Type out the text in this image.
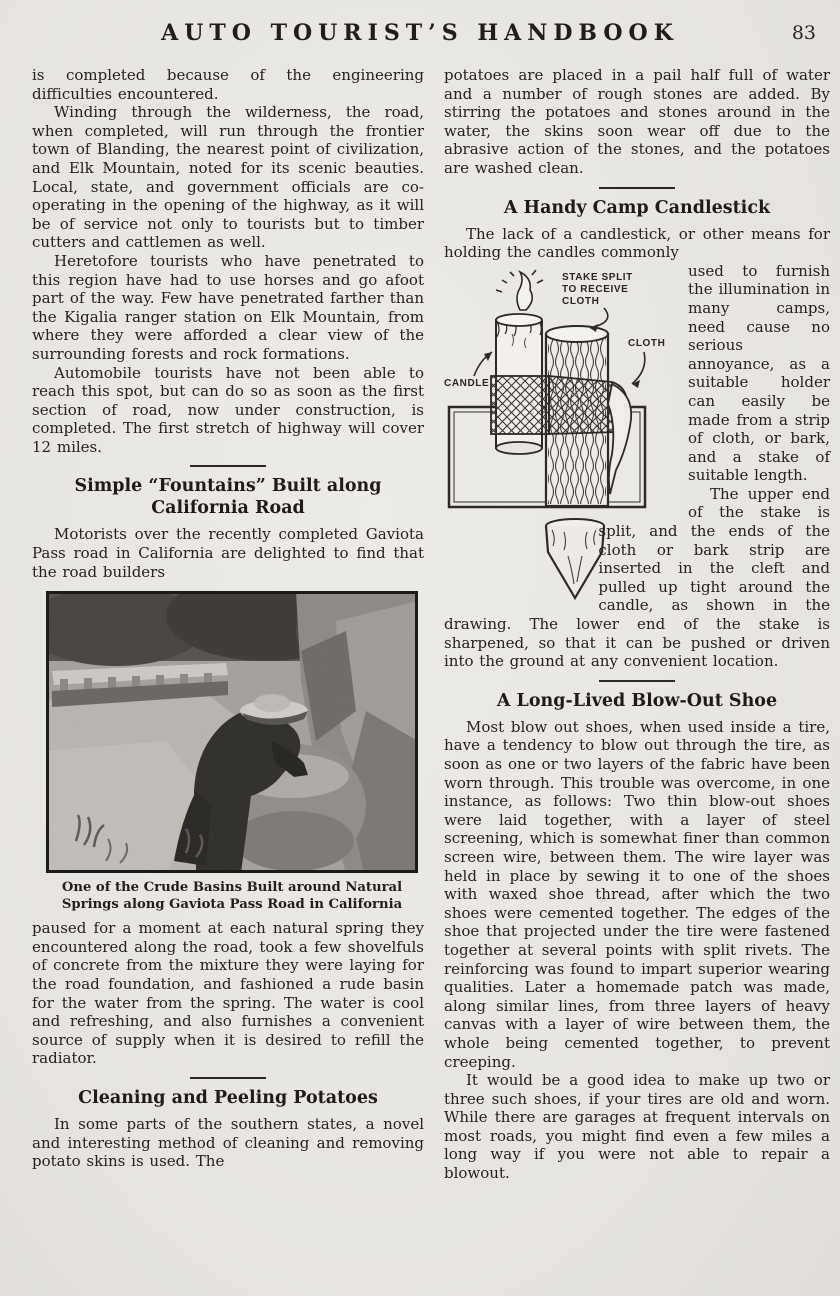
AUTO TOURIST’S HANDBOOK	83

is completed because of the engineering difficulties encountered.

Winding through the wilderness, the road, when completed, will run through the frontier town of Blanding, the nearest point of civilization, and Elk Mountain, noted for its scenic beauties. Local, state, and government officials are co-operating in the opening of the highway, as it will be of service not only to tourists but to timber cutters and cattlemen as well.

Heretofore tourists who have penetrated to this region have had to use horses and go afoot part of the way. Few have penetrated farther than the Kigalia ranger station on Elk Mountain, from where they were afforded a clear view of the surrounding forests and rock formations.

Automobile tourists have not been able to reach this spot, but can do so as soon as the first section of road, now under construction, is completed. The first stretch of highway will cover 12 miles.

Simple “Fountains” Built along California Road

Motorists over the recently completed Gaviota Pass road in California are delighted to find that the road builders

One of the Crude Basins Built around Natural Springs along Gaviota Pass Road in California

paused for a moment at each natural spring they encountered along the road, took a few shovelfuls of concrete from the mixture they were laying for the road foundation, and fashioned a rude basin for the water from the spring. The water is cool and refreshing, and also furnishes a convenient source of supply when it is desired to refill the radiator.

Cleaning and Peeling Potatoes

In some parts of the southern states, a novel and interesting method of cleaning and removing potato skins is used. The

potatoes are placed in a pail half full of water and a number of rough stones are added. By stirring the potatoes and stones around in the water, the skins soon wear off due to the abrasive action of the stones, and the potatoes are washed clean.

A Handy Camp Candlestick

The lack of a candlestick, or other means for holding the candles commonly

STAKE SPLIT
TO RECEIVE
CLOTH
CANDLE
CLOTH

used to furnish the illumination in many camps, need cause no serious annoyance, as a suitable holder can easily be made from a strip of cloth, or bark, and a stake of suitable length.

The upper end of the stake is split, and the ends of the cloth or bark strip are inserted in the cleft and pulled up tight around the candle, as shown in the drawing. The lower end of the stake is sharpened, so that it can be pushed or driven into the ground at any convenient location.

A Long-Lived Blow-Out Shoe

Most blow out shoes, when used inside a tire, have a tendency to blow out through the tire, as soon as one or two layers of the fabric have been worn through. This trouble was overcome, in one instance, as follows: Two thin blow-out shoes were laid together, with a layer of steel screening, which is somewhat finer than common screen wire, between them. The wire layer was held in place by sewing it to one of the shoes with waxed shoe thread, after which the two shoes were cemented together. The edges of the shoe that projected under the tire were fastened together at several points with split rivets. The reinforcing was found to impart superior wearing qualities. Later a homemade patch was made, along similar lines, from three layers of heavy canvas with a layer of wire between them, the whole being cemented together, to prevent creeping.

It would be a good idea to make up two or three such shoes, if your tires are old and worn. While there are garages at frequent intervals on most roads, you might find even a few miles a long way if you were not able to repair a blowout.
